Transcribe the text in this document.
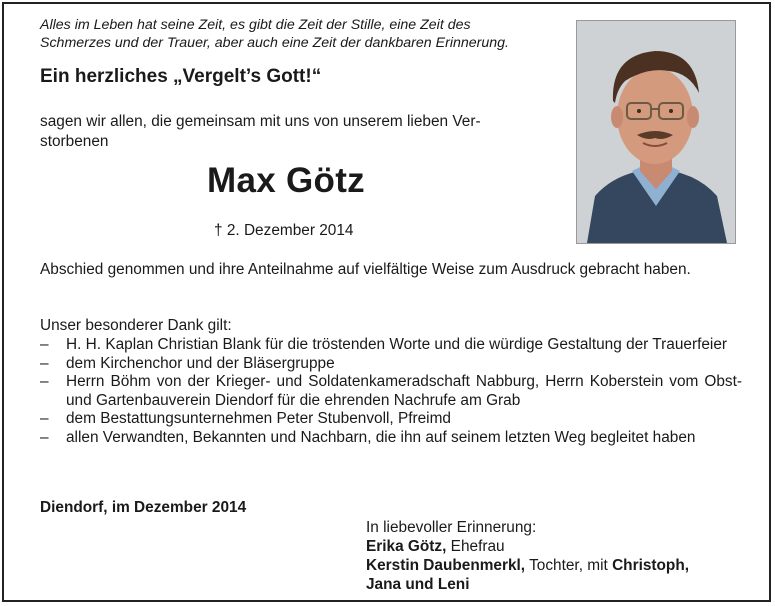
Alles im Leben hat seine Zeit, es gibt die Zeit der Stille, eine Zeit des
Schmerzes und der Trauer, aber auch eine Zeit der dankbaren Erinnerung.
Ein herzliches „Vergelt’s Gott!“
sagen wir allen, die gemeinsam mit uns von unserem lieben Ver-
storbenen
Max Götz
† 2. Dezember 2014
Abschied genommen und ihre Anteilnahme auf vielfältige Weise zum Ausdruck gebracht haben.
Unser besonderer Dank gilt:
– H. H. Kaplan Christian Blank für die tröstenden Worte und die würdige Gestaltung der Trauerfeier
– dem Kirchenchor und der Bläsergruppe
– Herrn Böhm von der Krieger- und Soldatenkameradschaft Nabburg, Herrn Koberstein vom Obst- und Gartenbauverein Diendorf für die ehrenden Nachrufe am Grab
– dem Bestattungsunternehmen Peter Stubenvoll, Pfreimd
– allen Verwandten, Bekannten und Nachbarn, die ihn auf seinem letzten Weg begleitet haben
Diendorf, im Dezember 2014
In liebevoller Erinnerung:
Erika Götz, Ehefrau
Kerstin Daubenmerkl, Tochter, mit Christoph,
Jana und Leni
